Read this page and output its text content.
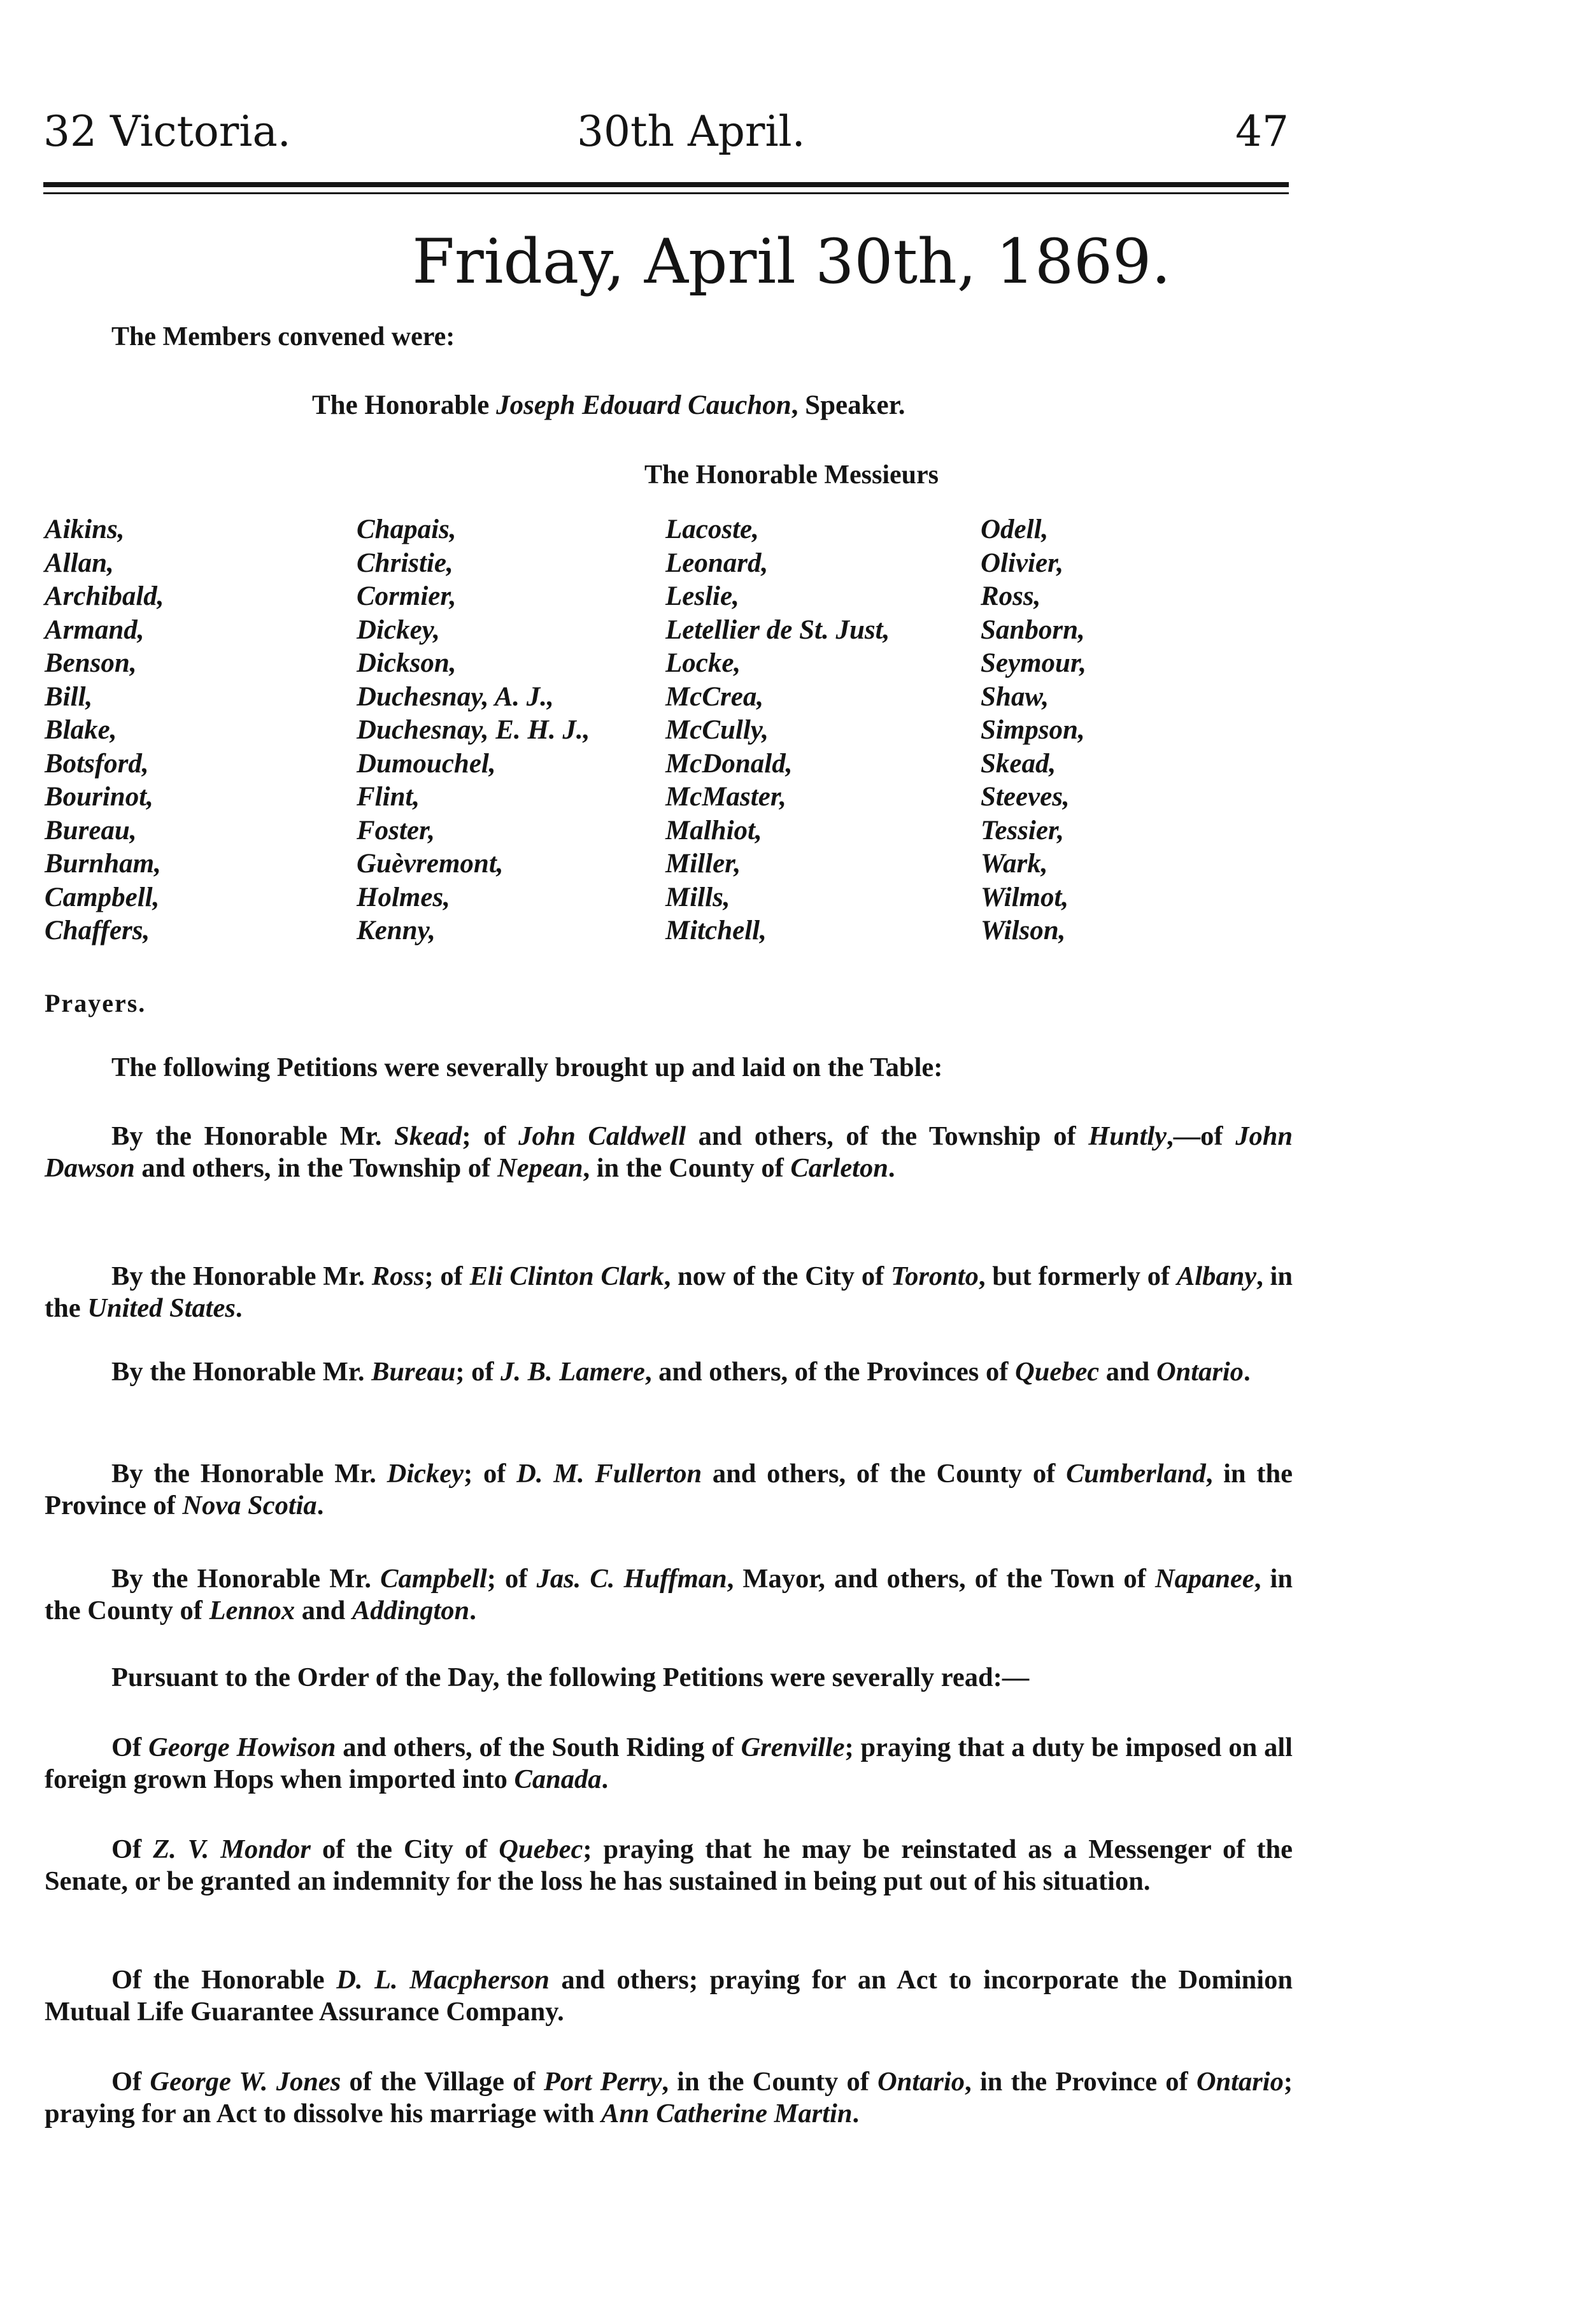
32 Victoria.	30th April.	47
Friday, April 30th, 1869.
The Members convened were:
The Honorable Joseph Edouard Cauchon, Speaker.
The Honorable Messieurs
Aikins,
Allan,
Archibald,
Armand,
Benson,
Bill,
Blake,
Botsford,
Bourinot,
Bureau,
Burnham,
Campbell,
Chaffers,
Chapais,
Christie,
Cormier,
Dickey,
Dickson,
Duchesnay, A. J.,
Duchesnay, E. H. J.,
Dumouchel,
Flint,
Foster,
Guèvremont,
Holmes,
Kenny,
Lacoste,
Leonard,
Leslie,
Letellier de St. Just,
Locke,
McCrea,
McCully,
McDonald,
McMaster,
Malhiot,
Miller,
Mills,
Mitchell,
Odell,
Olivier,
Ross,
Sanborn,
Seymour,
Shaw,
Simpson,
Skead,
Steeves,
Tessier,
Wark,
Wilmot,
Wilson,
Prayers.

The following Petitions were severally brought up and laid on the Table:

By the Honorable Mr. Skead; of John Caldwell and others, of the Township of Huntly,—of John Dawson and others, in the Township of Nepean, in the County of Carleton.

By the Honorable Mr. Ross; of Eli Clinton Clark, now of the City of Toronto, but formerly of Albany, in the United States.

By the Honorable Mr. Bureau; of J. B. Lamere, and others, of the Provinces of Quebec and Ontario.

By the Honorable Mr. Dickey; of D. M. Fullerton and others, of the County of Cumberland, in the Province of Nova Scotia.

By the Honorable Mr. Campbell; of Jas. C. Huffman, Mayor, and others, of the Town of Napanee, in the County of Lennox and Addington.

Pursuant to the Order of the Day, the following Petitions were severally read:—

Of George Howison and others, of the South Riding of Grenville; praying that a duty be imposed on all foreign grown Hops when imported into Canada.

Of Z. V. Mondor of the City of Quebec; praying that he may be reinstated as a Messenger of the Senate, or be granted an indemnity for the loss he has sustained in being put out of his situation.

Of the Honorable D. L. Macpherson and others; praying for an Act to incorporate the Dominion Mutual Life Guarantee Assurance Company.

Of George W. Jones of the Village of Port Perry, in the County of Ontario, in the Province of Ontario; praying for an Act to dissolve his marriage with Ann Catherine Martin.
